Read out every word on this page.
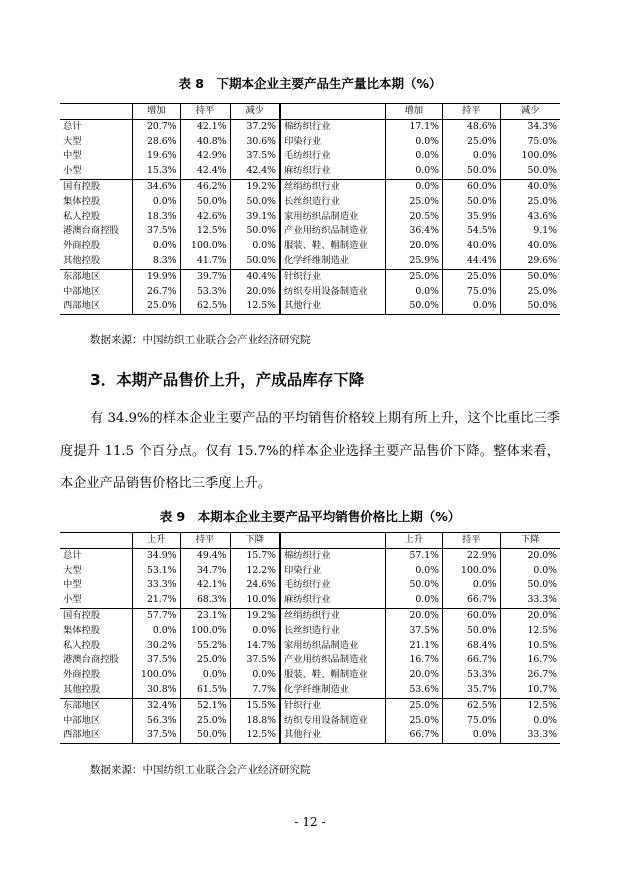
表 8　下期本企业主要产品生产量比本期（%）
	增加	持平	减少		增加	持平	减少
总计	20.7%	42.1%	37.2%	棉纺织行业	17.1%	48.6%	34.3%
大型	28.6%	40.8%	30.6%	印染行业	0.0%	25.0%	75.0%
中型	19.6%	42.9%	37.5%	毛纺织行业	0.0%	0.0%	100.0%
小型	15.3%	42.4%	42.4%	麻纺织行业	0.0%	50.0%	50.0%
国有控股	34.6%	46.2%	19.2%	丝绢纺织行业	0.0%	60.0%	40.0%
集体控股	0.0%	50.0%	50.0%	长丝织造行业	25.0%	50.0%	25.0%
私人控股	18.3%	42.6%	39.1%	家用纺织品制造业	20.5%	35.9%	43.6%
港澳台商控股	37.5%	12.5%	50.0%	产业用纺织品制造业	36.4%	54.5%	9.1%
外商控股	0.0%	100.0%	0.0%	服装、鞋、帽制造业	20.0%	40.0%	40.0%
其他控股	8.3%	41.7%	50.0%	化学纤维制造业	25.9%	44.4%	29.6%
东部地区	19.9%	39.7%	40.4%	针织行业	25.0%	25.0%	50.0%
中部地区	26.7%	53.3%	20.0%	纺织专用设备制造业	0.0%	75.0%	25.0%
西部地区	25.0%	62.5%	12.5%	其他行业	50.0%	0.0%	50.0%
数据来源：中国纺织工业联合会产业经济研究院
3．本期产品售价上升，产成品库存下降

有 34.9%的样本企业主要产品的平均销售价格较上期有所上升，这个比重比三季度提升 11.5 个百分点。仅有 15.7%的样本企业选择主要产品售价下降。整体来看，本企业产品销售价格比三季度上升。

表 9　本期本企业主要产品平均销售价格比上期（%）
	上升	持平	下降		上升	持平	下降
总计	34.9%	49.4%	15.7%	棉纺织行业	57.1%	22.9%	20.0%
大型	53.1%	34.7%	12.2%	印染行业	0.0%	100.0%	0.0%
中型	33.3%	42.1%	24.6%	毛纺织行业	50.0%	0.0%	50.0%
小型	21.7%	68.3%	10.0%	麻纺织行业	0.0%	66.7%	33.3%
国有控股	57.7%	23.1%	19.2%	丝绢纺织行业	20.0%	60.0%	20.0%
集体控股	0.0%	100.0%	0.0%	长丝织造行业	37.5%	50.0%	12.5%
私人控股	30.2%	55.2%	14.7%	家用纺织品制造业	21.1%	68.4%	10.5%
港澳台商控股	37.5%	25.0%	37.5%	产业用纺织品制造业	16.7%	66.7%	16.7%
外商控股	100.0%	0.0%	0.0%	服装、鞋、帽制造业	20.0%	53.3%	26.7%
其他控股	30.8%	61.5%	7.7%	化学纤维制造业	53.6%	35.7%	10.7%
东部地区	32.4%	52.1%	15.5%	针织行业	25.0%	62.5%	12.5%
中部地区	56.3%	25.0%	18.8%	纺织专用设备制造业	25.0%	75.0%	0.0%
西部地区	37.5%	50.0%	12.5%	其他行业	66.7%	0.0%	33.3%
数据来源：中国纺织工业联合会产业经济研究院
- 12 -
